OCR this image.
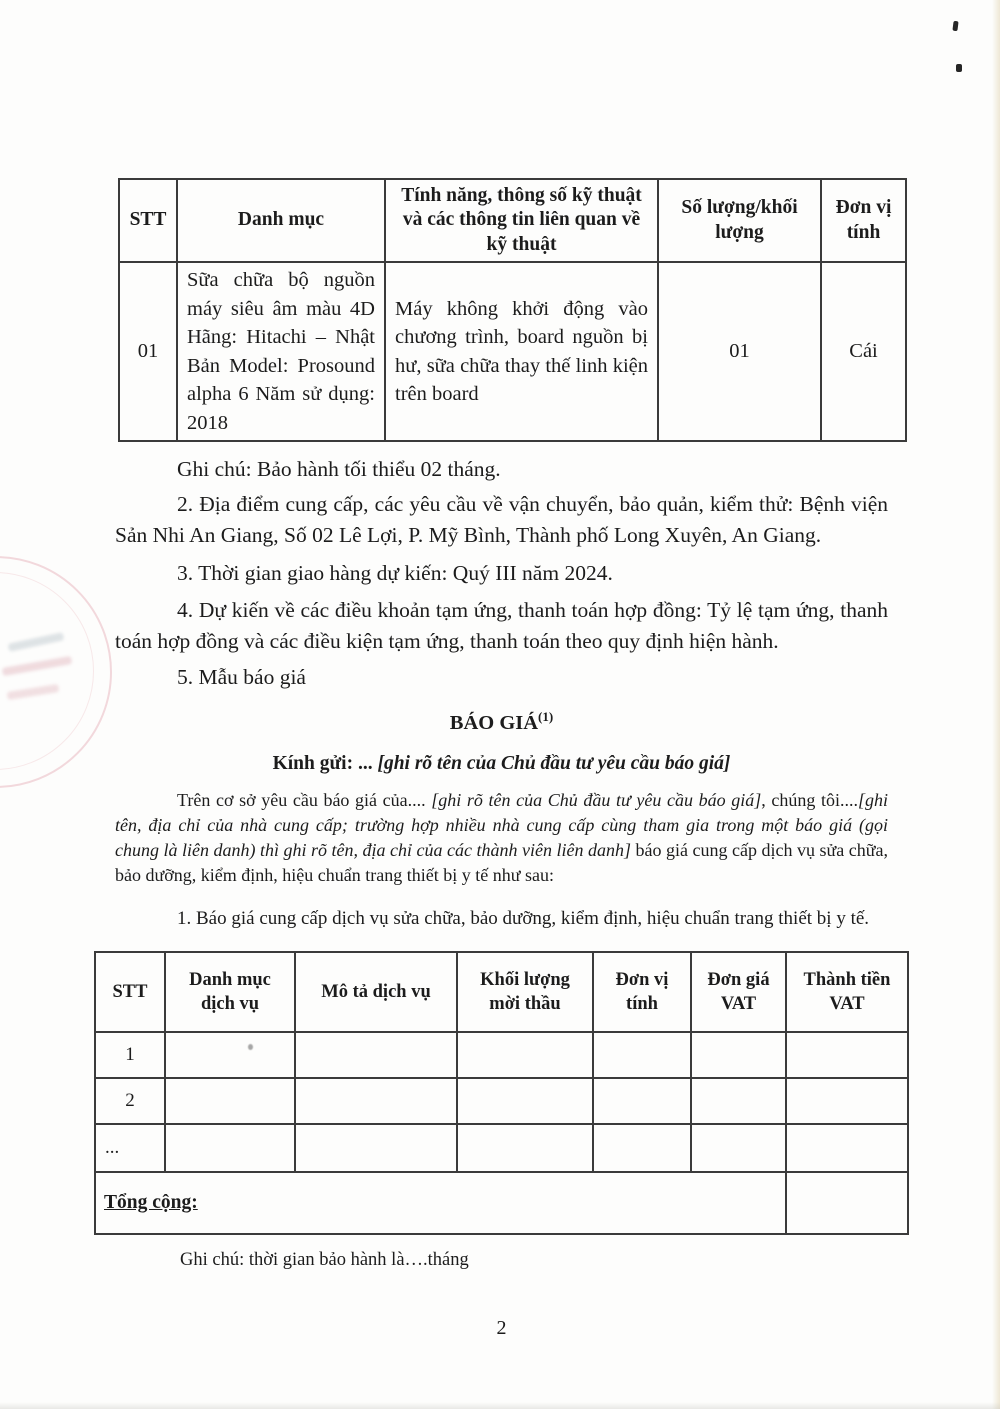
STT	Danh mục	Tính năng, thông số kỹ thuật và các thông tin liên quan về kỹ thuật	Số lượng/khối lượng	Đơn vị tính
01	Sữa chữa bộ nguồn máy siêu âm màu 4D Hãng: Hitachi – Nhật Bản Model: Prosound alpha 6 Năm sử dụng: 2018	Máy không khởi động vào chương trình, board nguồn bị hư, sữa chữa thay thế linh kiện trên board	01	Cái

Ghi chú: Bảo hành tối thiểu 02 tháng.

2. Địa điểm cung cấp, các yêu cầu về vận chuyển, bảo quản, kiểm thử: Bệnh viện Sản Nhi An Giang, Số 02 Lê Lợi, P. Mỹ Bình, Thành phố Long Xuyên, An Giang.

3. Thời gian giao hàng dự kiến: Quý III năm 2024.

4. Dự kiến về các điều khoản tạm ứng, thanh toán hợp đồng: Tỷ lệ tạm ứng, thanh toán hợp đồng và các điều kiện tạm ứng, thanh toán theo quy định hiện hành.

5. Mẫu báo giá

BÁO GIÁ$^{(1)}$

Kính gửi: ... [ghi rõ tên của Chủ đầu tư yêu cầu báo giá]

Trên cơ sở yêu cầu báo giá của.... [ghi rõ tên của Chủ đầu tư yêu cầu báo giá], chúng tôi....[ghi tên, địa chỉ của nhà cung cấp; trường hợp nhiều nhà cung cấp cùng tham gia trong một báo giá (gọi chung là liên danh) thì ghi rõ tên, địa chỉ của các thành viên liên danh] báo giá cung cấp dịch vụ sửa chữa, bảo dưỡng, kiểm định, hiệu chuẩn trang thiết bị y tế như sau:

1. Báo giá cung cấp dịch vụ sửa chữa, bảo dưỡng, kiểm định, hiệu chuẩn trang thiết bị y tế.

STT	Danh mục dịch vụ	Mô tả dịch vụ	Khối lượng mời thầu	Đơn vị tính	Đơn giá VAT	Thành tiền VAT
1	

2						
...						
Tổng cộng:						

Ghi chú: thời gian bảo hành là….tháng

2
